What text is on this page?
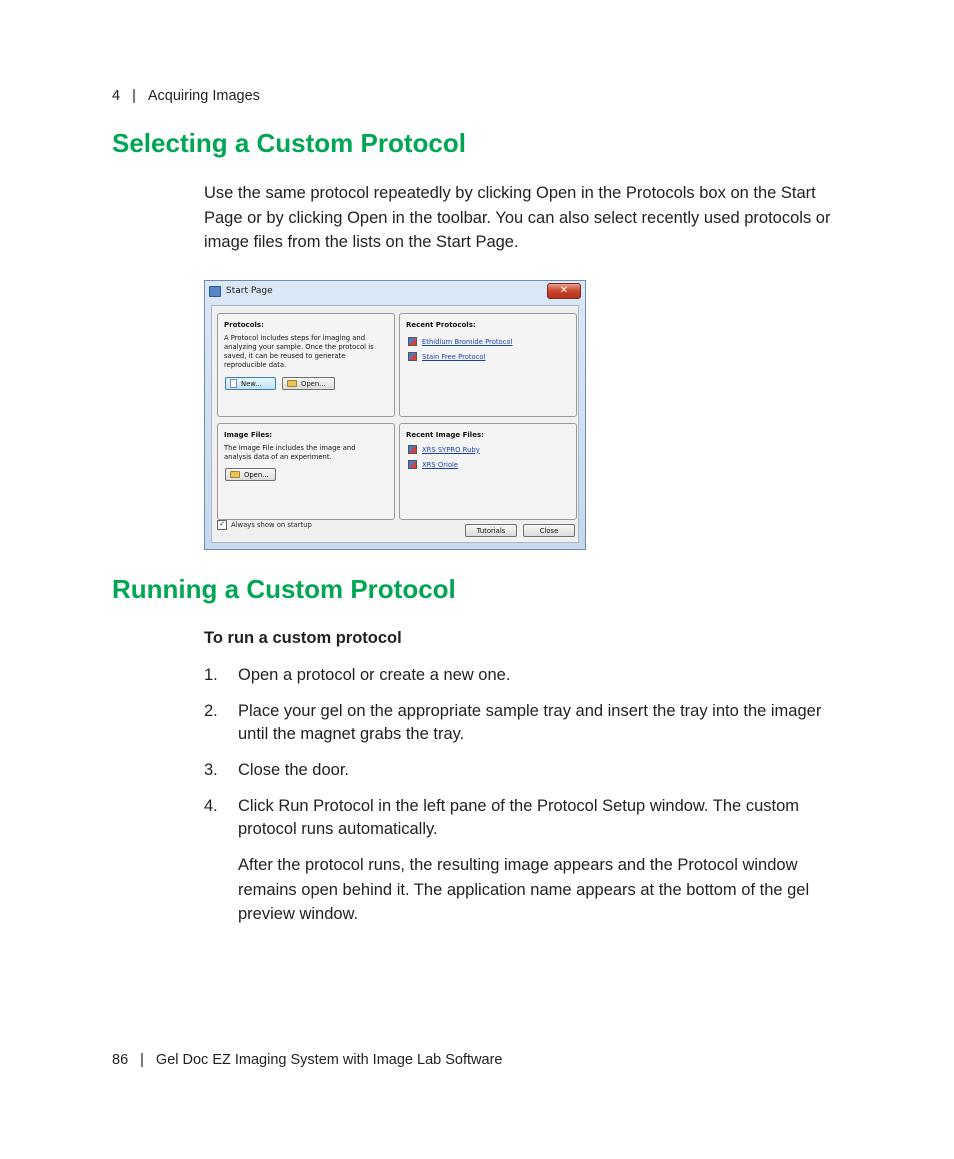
4 | Acquiring Images
Selecting a Custom Protocol
Use the same protocol repeatedly by clicking Open in the Protocols box on the Start Page or by clicking Open in the toolbar. You can also select recently used protocols or image files from the lists on the Start Page.
Start Page	✕
Protocols:
A Protocol includes steps for imaging and analyzing your sample. Once the protocol is saved, it can be reused to generate reproducible data.
New...	Open...
Recent Protocols:
Ethidium Bromide Protocol
Stain Free Protocol
Image Files:
The Image File includes the image and analysis data of an experiment.
Open...
Recent Image Files:
XRS SYPRO Ruby
XRS Oriole
✓ Always show on startup
Tutorials	Close
Running a Custom Protocol
To run a custom protocol
1. Open a protocol or create a new one.
2. Place your gel on the appropriate sample tray and insert the tray into the imager until the magnet grabs the tray.
3. Close the door.
4. Click Run Protocol in the left pane of the Protocol Setup window. The custom protocol runs automatically.
After the protocol runs, the resulting image appears and the Protocol window remains open behind it. The application name appears at the bottom of the gel preview window.
86 | Gel Doc EZ Imaging System with Image Lab Software
